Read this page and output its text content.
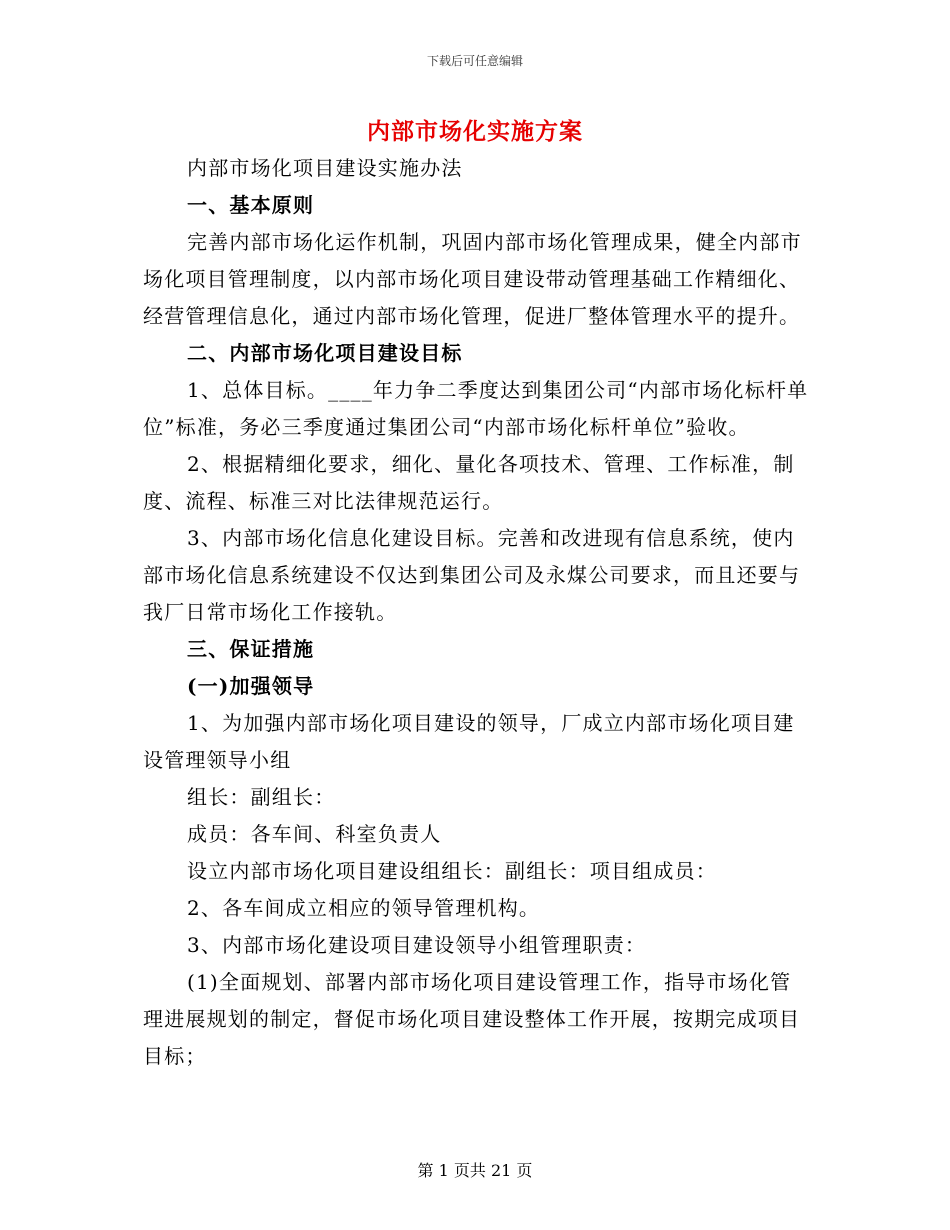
下载后可任意编辑
内部市场化实施方案

内部市场化项目建设实施办法

一、基本原则

完善内部市场化运作机制，巩固内部市场化管理成果，健全内部市场化项目管理制度，以内部市场化项目建设带动管理基础工作精细化、经营管理信息化，通过内部市场化管理，促进厂整体管理水平的提升。

二、内部市场化项目建设目标

1、总体目标。____年力争二季度达到集团公司“内部市场化标杆单位”标准，务必三季度通过集团公司“内部市场化标杆单位”验收。

2、根据精细化要求，细化、量化各项技术、管理、工作标准，制度、流程、标准三对比法律规范运行。

3、内部市场化信息化建设目标。完善和改进现有信息系统，使内部市场化信息系统建设不仅达到集团公司及永煤公司要求，而且还要与我厂日常市场化工作接轨。

三、保证措施

(一)加强领导

1、为加强内部市场化项目建设的领导，厂成立内部市场化项目建设管理领导小组

组长：副组长：

成员：各车间、科室负责人

设立内部市场化项目建设组组长：副组长：项目组成员：

2、各车间成立相应的领导管理机构。

3、内部市场化建设项目建设领导小组管理职责：

(1)全面规划、部署内部市场化项目建设管理工作，指导市场化管理进展规划的制定，督促市场化项目建设整体工作开展，按期完成项目目标；

第 1 页共 21 页
